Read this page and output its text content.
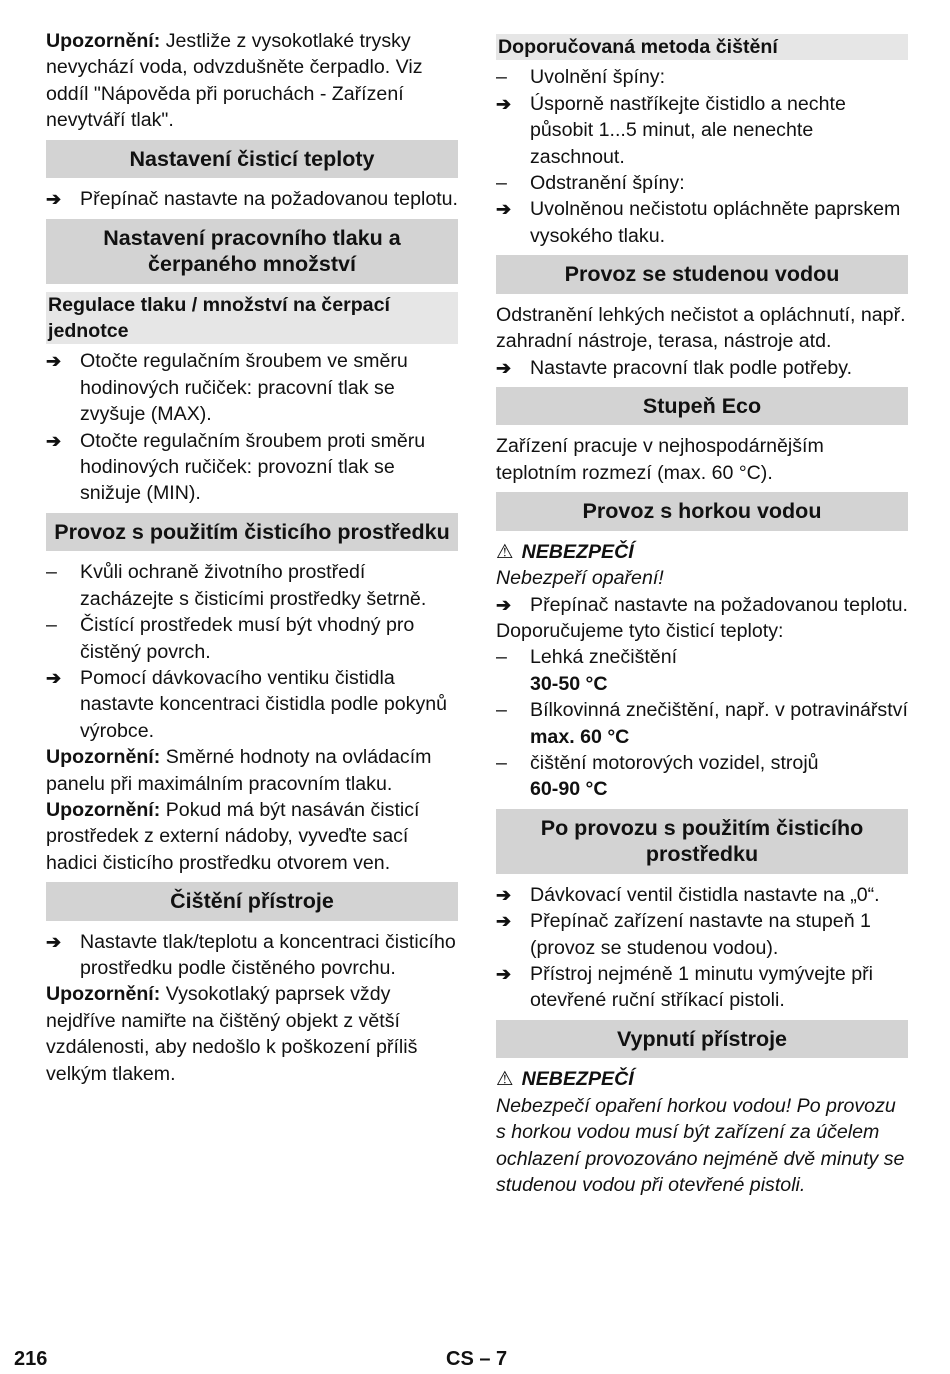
Upozornění: Jestliže z vysokotlaké trysky nevychází voda, odvzdušněte čerpadlo. Viz oddíl "Nápověda při poruchách - Zařízení nevytváří tlak".

Nastavení čisticí teploty
➔ Přepínač nastavte na požadovanou teplotu.
Nastavení pracovního tlaku a čerpaného množství
Regulace tlaku / množství na čerpací jednotce
➔ Otočte regulačním šroubem ve směru hodinových ručiček: pracovní tlak se zvyšuje (MAX).
➔ Otočte regulačním šroubem proti směru hodinových ručiček: provozní tlak se snižuje (MIN).
Provoz s použitím čisticího prostředku
–	Kvůli ochraně životního prostředí zacházejte s čisticími prostředky šetrně.
–	Čistící prostředek musí být vhodný pro čistěný povrch.
➔ Pomocí dávkovacího ventiku čistidla nastavte koncentraci čistidla podle pokynů výrobce.

Upozornění: Směrné hodnoty na ovládacím panelu při maximálním pracovním tlaku.

Upozornění: Pokud má být nasáván čisticí prostředek z externí nádoby, vyveďte sací hadici čisticího prostředku otvorem ven.

Čištění přístroje
➔ Nastavte tlak/teplotu a koncentraci čisticího prostředku podle čistěného povrchu.

Upozornění: Vysokotlaký paprsek vždy nejdříve namiřte na čištěný objekt z větší vzdálenosti, aby nedošlo k poškození příliš velkým tlakem.

Doporučovaná metoda čištění
–	Uvolnění špíny:
➔ Úsporně nastříkejte čistidlo a nechte působit 1...5 minut, ale nenechte zaschnout.
–	Odstranění špíny:
➔ Uvolněnou nečistotu opláchněte paprskem vysokého tlaku.
Provoz se studenou vodou

Odstranění lehkých nečistot a opláchnutí, např. zahradní nástroje, terasa, nástroje atd.

➔ Nastavte pracovní tlak podle potřeby.
Stupeň Eco

Zařízení pracuje v nejhospodárnějším teplotním rozmezí (max. 60 °C).

Provoz s horkou vodou
⚠ NEBEZPEČÍ

Nebezpeří opaření!

➔ Přepínač nastavte na požadovanou teplotu.

Doporučujeme tyto čisticí teploty:

–	Lehká znečištění
30-50 °C
–	Bílkovinná znečištění, např. v potravinářství
max. 60 °C
–	čištění motorových vozidel, strojů
60-90 °C
Po provozu s použitím čisticího prostředku
➔ Dávkovací ventil čistidla nastavte na „0“.
➔ Přepínač zařízení nastavte na stupeň 1 (provoz se studenou vodou).
➔ Přístroj nejméně 1 minutu vymývejte při otevřené ruční stříkací pistoli.
Vypnutí přístroje
⚠ NEBEZPEČÍ

Nebezpečí opaření horkou vodou! Po provozu s horkou vodou musí být zařízení za účelem ochlazení provozováno nejméně dvě minuty se studenou vodou při otevřené pistoli.

216	CS – 7
